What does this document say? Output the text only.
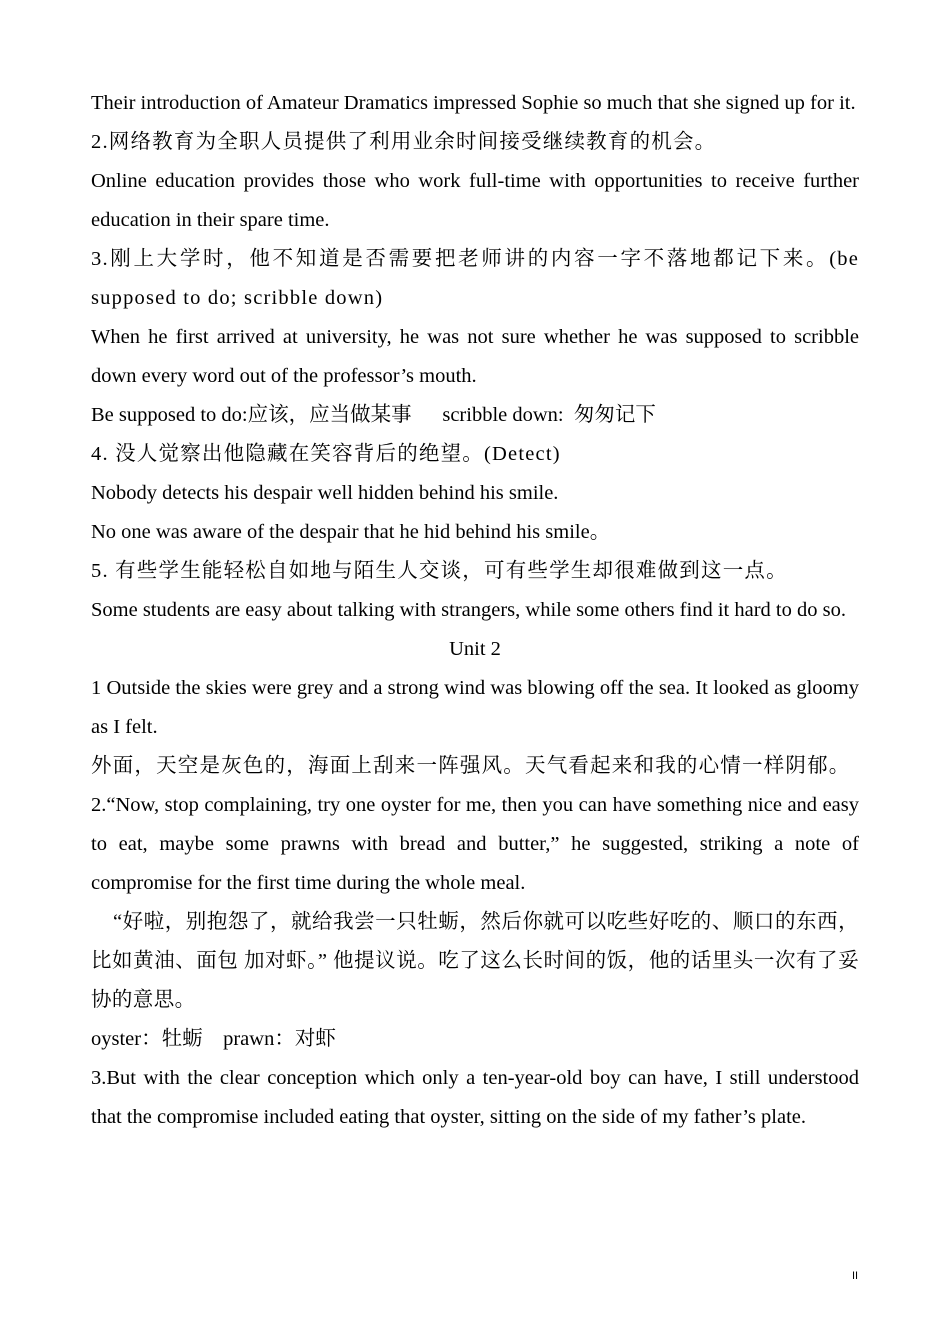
Their introduction of Amateur Dramatics impressed Sophie so much that she signed up for it.

2.网络教育为全职人员提供了利用业余时间接受继续教育的机会。

Online education provides those who work full-time with opportunities to receive further education in their spare time.

3.刚上大学时，他不知道是否需要把老师讲的内容一字不落地都记下来。(be supposed to do; scribble down)

When he first arrived at university, he was not sure whether he was supposed to scribble down every word out of the professor’s mouth.

Be supposed to do:应该，应当做某事      scribble down:  匆匆记下

4. 没人觉察出他隐藏在笑容背后的绝望。(Detect)

Nobody detects his despair well hidden behind his smile.

No one was aware of the despair that he hid behind his smile。

5. 有些学生能轻松自如地与陌生人交谈，可有些学生却很难做到这一点。

Some students are easy about talking with strangers, while some others find it hard to do so.

Unit 2

1 Outside the skies were grey and a strong wind was blowing off the sea. It looked as gloomy as I felt.

外面，天空是灰色的，海面上刮来一阵强风。天气看起来和我的心情一样阴郁。

2.“Now, stop complaining, try one oyster for me, then you can have something nice and easy to eat, maybe some prawns with bread and butter,” he suggested, striking a note of compromise for the first time during the whole meal.

“好啦，别抱怨了，就给我尝一只牡蛎，然后你就可以吃些好吃的、顺口的东西，比如黄油、面包 加对虾。” 他提议说。吃了这么长时间的饭，他的话里头一次有了妥协的意思。

oyster：牡蛎    prawn：对虾

3.But with the clear conception which only a ten-year-old boy can have, I still understood that the compromise included eating that oyster, sitting on the side of my father’s plate.

II
